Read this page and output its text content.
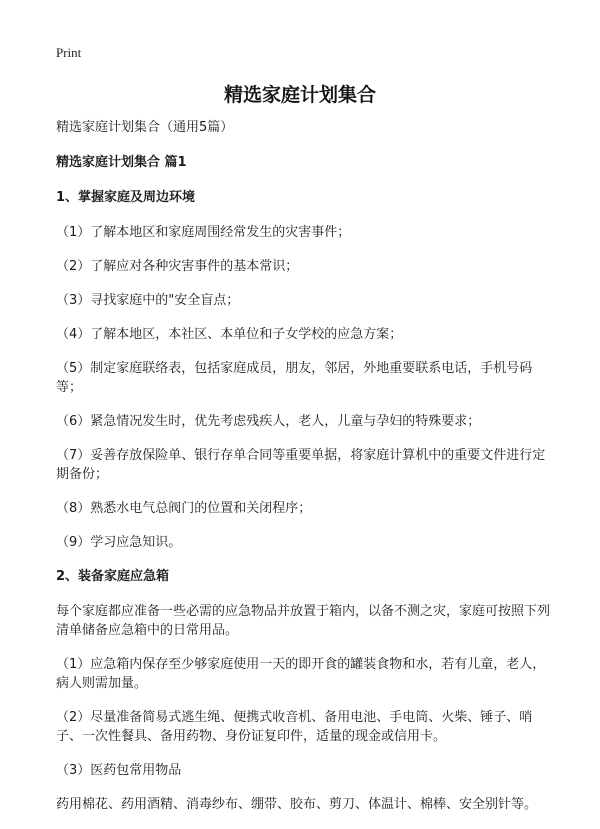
Print
精选家庭计划集合

精选家庭计划集合（通用5篇）

精选家庭计划集合 篇1

1、掌握家庭及周边环境

（1）了解本地区和家庭周围经常发生的灾害事件；

（2）了解应对各种灾害事件的基本常识；

（3）寻找家庭中的"安全盲点；

（4）了解本地区，本社区、本单位和子女学校的应急方案；

（5）制定家庭联络表，包括家庭成员，朋友，邻居，外地重要联系电话，手机号码等；

（6）紧急情况发生时，优先考虑残疾人，老人，儿童与孕妇的特殊要求；

（7）妥善存放保险单、银行存单合同等重要单据，将家庭计算机中的重要文件进行定期备份；

（8）熟悉水电气总阀门的位置和关闭程序；

（9）学习应急知识。

2、装备家庭应急箱

每个家庭都应准备一些必需的应急物品并放置于箱内，以备不测之灾，家庭可按照下列清单储备应急箱中的日常用品。

（1）应急箱内保存至少够家庭使用一天的即开食的罐装食物和水，若有儿童，老人，病人则需加量。

（2）尽量准备简易式逃生绳、便携式收音机、备用电池、手电筒、火柴、锤子、哨子、一次性餐具、备用药物、身份证复印件，适量的现金或信用卡。

（3）医药包常用物品

药用棉花、药用酒精、消毒纱布、绷带、胶布、剪刀、体温计、棉棒、安全别针等。
